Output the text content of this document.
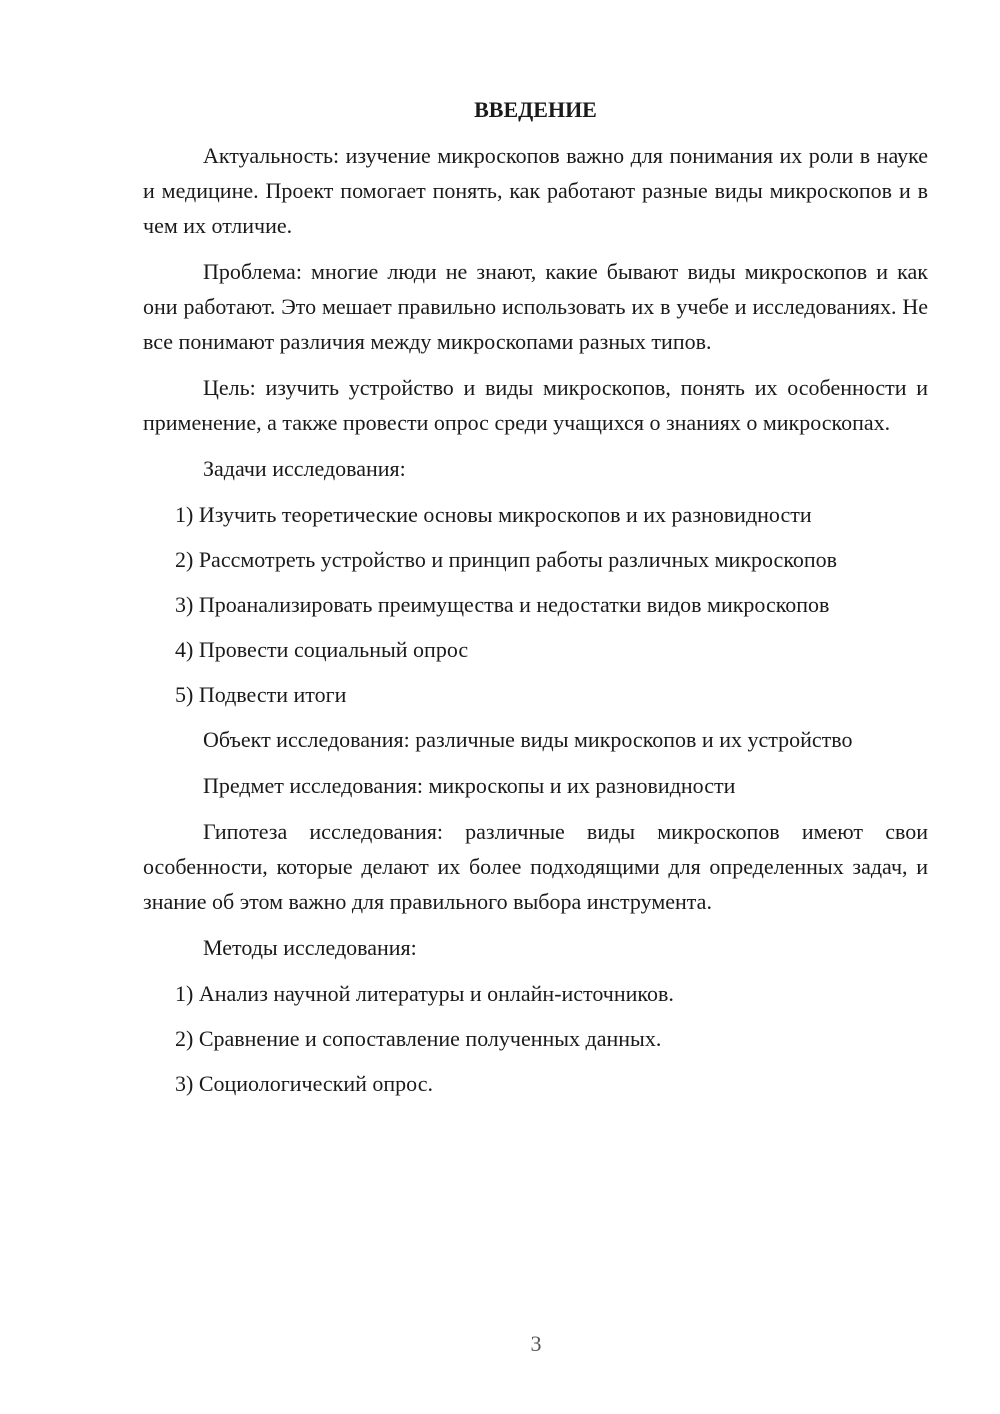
ВВЕДЕНИЕ

Актуальность: изучение микроскопов важно для понимания их роли в науке и медицине. Проект помогает понять, как работают разные виды микроскопов и в чем их отличие.

Проблема: многие люди не знают, какие бывают виды микроскопов и как они работают. Это мешает правильно использовать их в учебе и исследованиях. Не все понимают различия между микроскопами разных типов.

Цель: изучить устройство и виды микроскопов, понять их особенности и применение, а также провести опрос среди учащихся о знаниях о микроскопах.

Задачи исследования:

1) Изучить теоретические основы микроскопов и их разновидности
2) Рассмотреть устройство и принцип работы различных микроскопов
3) Проанализировать преимущества и недостатки видов микроскопов
4) Провести социальный опрос
5) Подвести итоги

Объект исследования: различные виды микроскопов и их устройство

Предмет исследования: микроскопы и их разновидности

Гипотеза исследования: различные виды микроскопов имеют свои особенности, которые делают их более подходящими для определенных задач, и знание об этом важно для правильного выбора инструмента.

Методы исследования:

1) Анализ научной литературы и онлайн-источников.
2) Сравнение и сопоставление полученных данных.
3) Социологический опрос.
3
